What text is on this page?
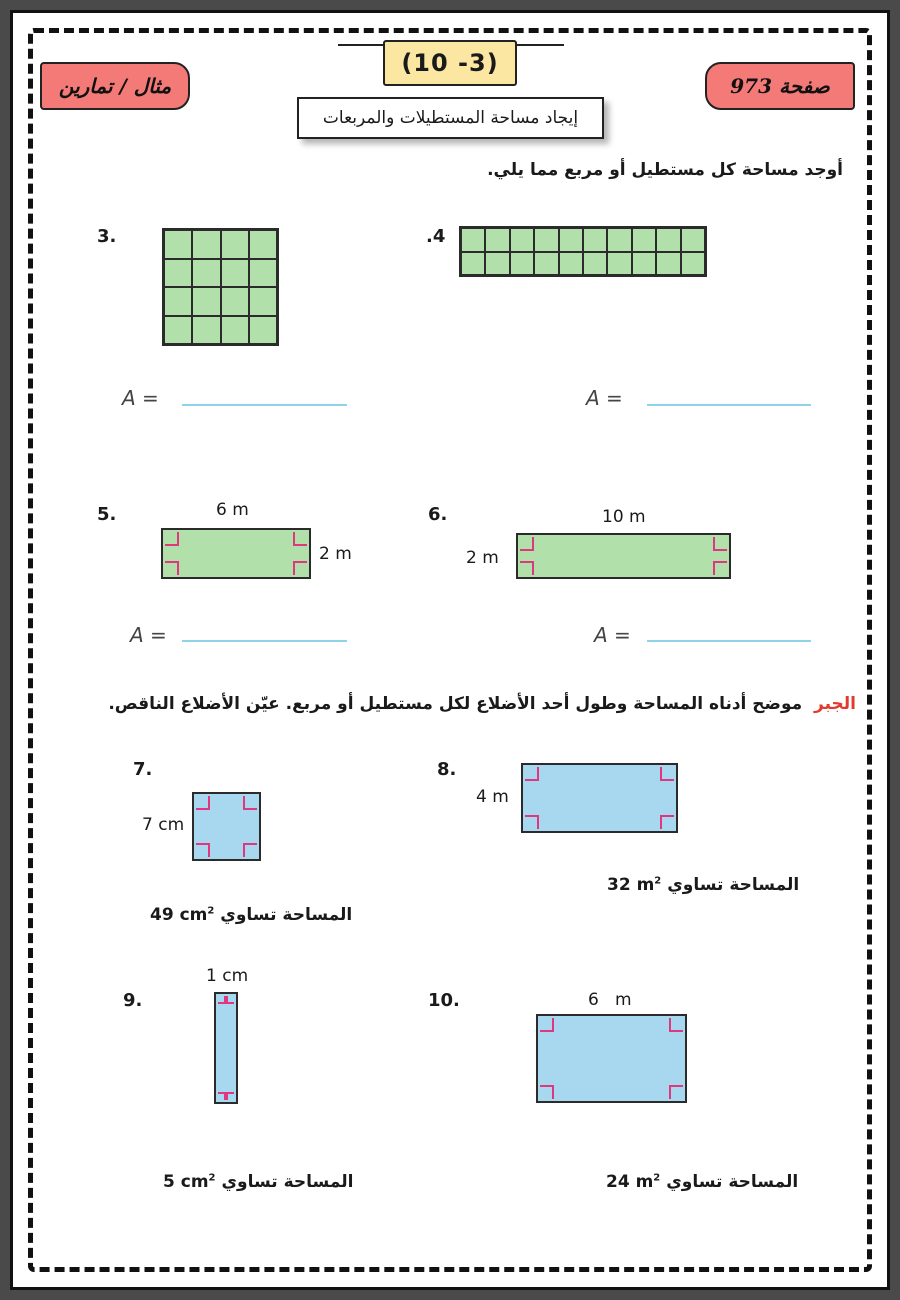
مثال / تمارين	صفحة 973
(10 -3)
إيجاد مساحة المستطيلات والمربعات
أوجد مساحة كل مستطيل أو مربع مما يلي.
3.
A =
.4
A =
5.	6 m
2 m
A =
6.	10 m
2 m
A =
الجبر  موضح أدناه المساحة وطول أحد الأضلاع لكل مستطيل أو مربع. عيّن الأضلاع الناقص.
7.
7 cm
المساحة تساوي 49 $cm^2$
8.
4 m
المساحة تساوي 32 $m^2$
9.
1 cm
المساحة تساوي 5 $cm^2$
10.	6   m
المساحة تساوي 24 $m^2$
